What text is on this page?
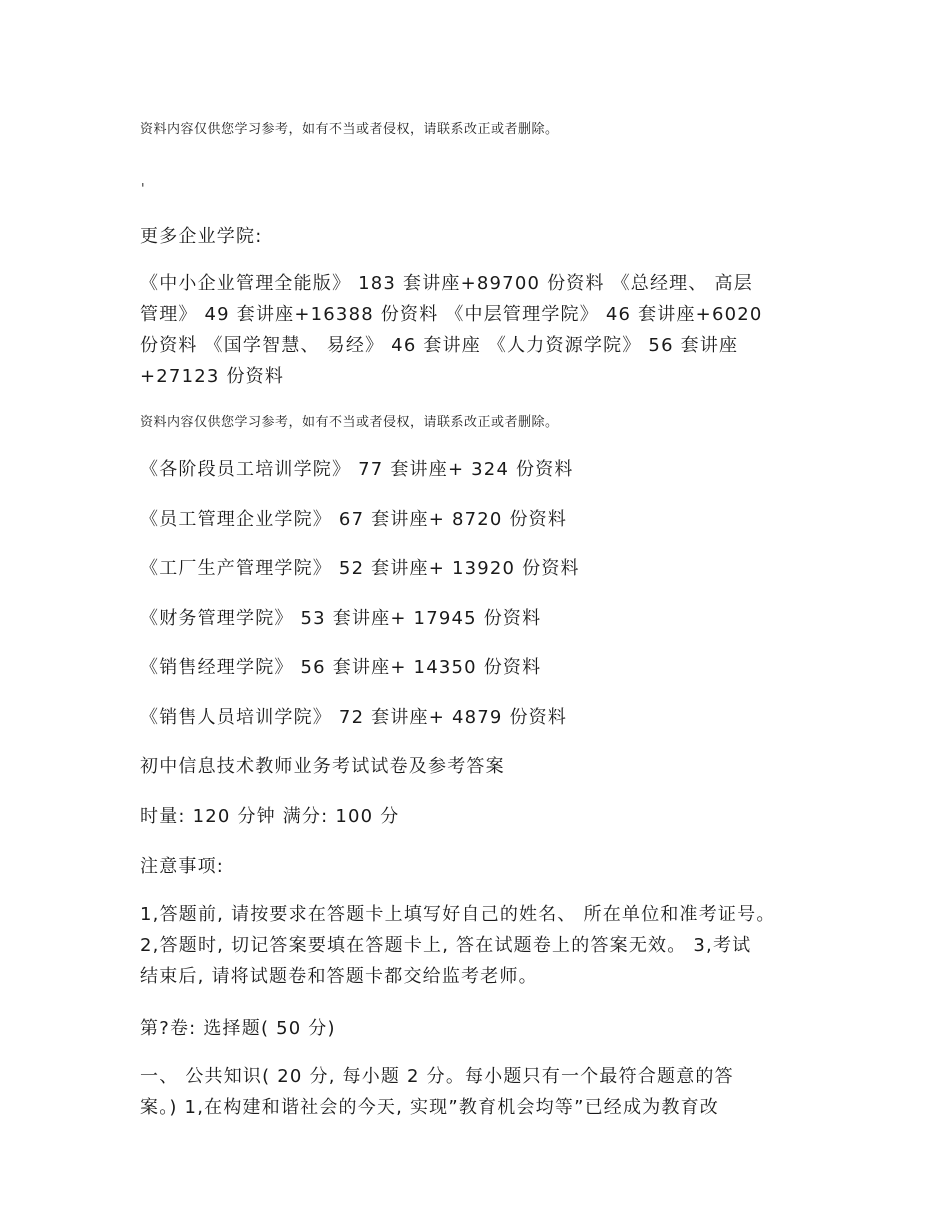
资料内容仅供您学习参考，如有不当或者侵权，请联系改正或者删除。
'
更多企业学院:
《中小企业管理全能版》 183 套讲座+89700 份资料 《总经理、 高层
管理》 49 套讲座+16388 份资料 《中层管理学院》 46 套讲座+6020
份资料 《国学智慧、 易经》 46 套讲座 《人力资源学院》 56 套讲座
+27123 份资料
资料内容仅供您学习参考，如有不当或者侵权，请联系改正或者删除。
《各阶段员工培训学院》 77 套讲座+ 324 份资料
《员工管理企业学院》 67 套讲座+ 8720 份资料
《工厂生产管理学院》 52 套讲座+ 13920 份资料
《财务管理学院》 53 套讲座+ 17945 份资料
《销售经理学院》 56 套讲座+ 14350 份资料
《销售人员培训学院》 72 套讲座+ 4879 份资料
初中信息技术教师业务考试试卷及参考答案
时量: 120 分钟 满分: 100 分
注意事项:
1,答题前, 请按要求在答题卡上填写好自己的姓名、 所在单位和准考证号。
2,答题时, 切记答案要填在答题卡上, 答在试题卷上的答案无效。 3,考试
结束后, 请将试题卷和答题卡都交给监考老师。
第?卷: 选择题( 50 分)
一、 公共知识( 20 分, 每小题 2 分。每小题只有一个最符合题意的答
案。) 1,在构建和谐社会的今天, 实现”教育机会均等”已经成为教育改
